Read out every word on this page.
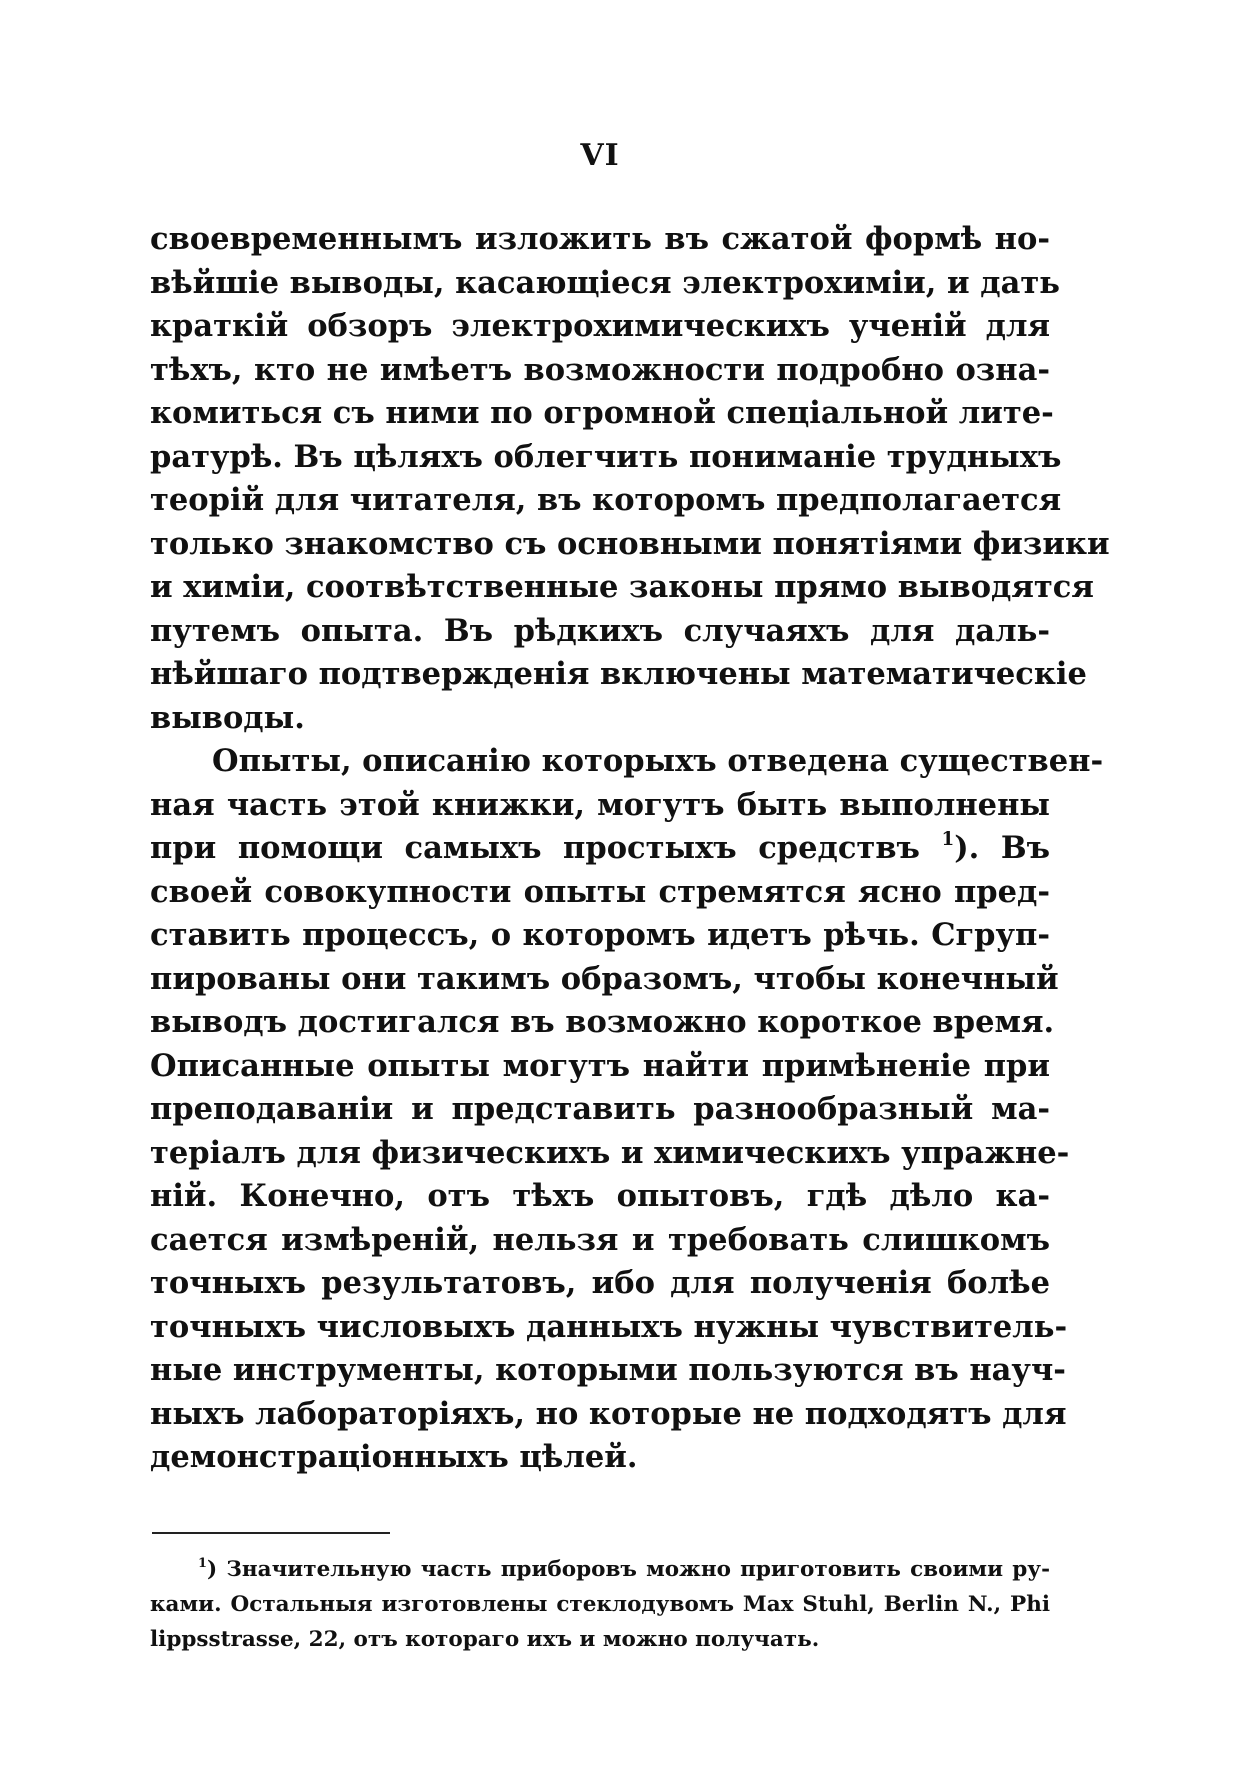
VI
своевременнымъ изложить въ сжатой формѣ но-
вѣйшіе выводы, касающіеся электрохиміи, и дать
краткій обзоръ электрохимическихъ ученій для
тѣхъ, кто не имѣетъ возможности подробно озна-
комиться съ ними по огромной спеціальной лите-
ратурѣ. Въ цѣляхъ облегчить пониманіе трудныхъ
теорій для читателя, въ которомъ предполагается
только знакомство съ основными понятіями физики
и химіи, соотвѣтственные законы прямо выводятся
путемъ опыта. Въ рѣдкихъ случаяхъ для даль-
нѣйшаго подтвержденія включены математическіе
выводы.
Опыты, описанію которыхъ отведена существен-
ная часть этой книжки, могутъ быть выполнены
при помощи самыхъ простыхъ средствъ $^1$). Въ
своей совокупности опыты стремятся ясно пред-
ставить процессъ, о которомъ идетъ рѣчь. Сгруп-
пированы они такимъ образомъ, чтобы конечный
выводъ достигался въ возможно короткое время.
Описанные опыты могутъ найти примѣненіе при
преподаваніи и представить разнообразный ма-
теріалъ для физическихъ и химическихъ упражне-
ній. Конечно, отъ тѣхъ опытовъ, гдѣ дѣло ка-
сается измѣреній, нельзя и требовать слишкомъ
точныхъ результатовъ, ибо для полученія болѣе
точныхъ числовыхъ данныхъ нужны чувствитель-
ные инструменты, которыми пользуются въ науч-
ныхъ лабораторіяхъ, но которые не подходятъ для
демонстраціонныхъ цѣлей.
$^1$) Значительную часть приборовъ можно приготовить своими ру-
ками. Остальныя изготовлены стеклодувомъ Max Stuhl, Berlin N., Phi
lippsstrasse, 22, отъ котораго ихъ и можно получать.
